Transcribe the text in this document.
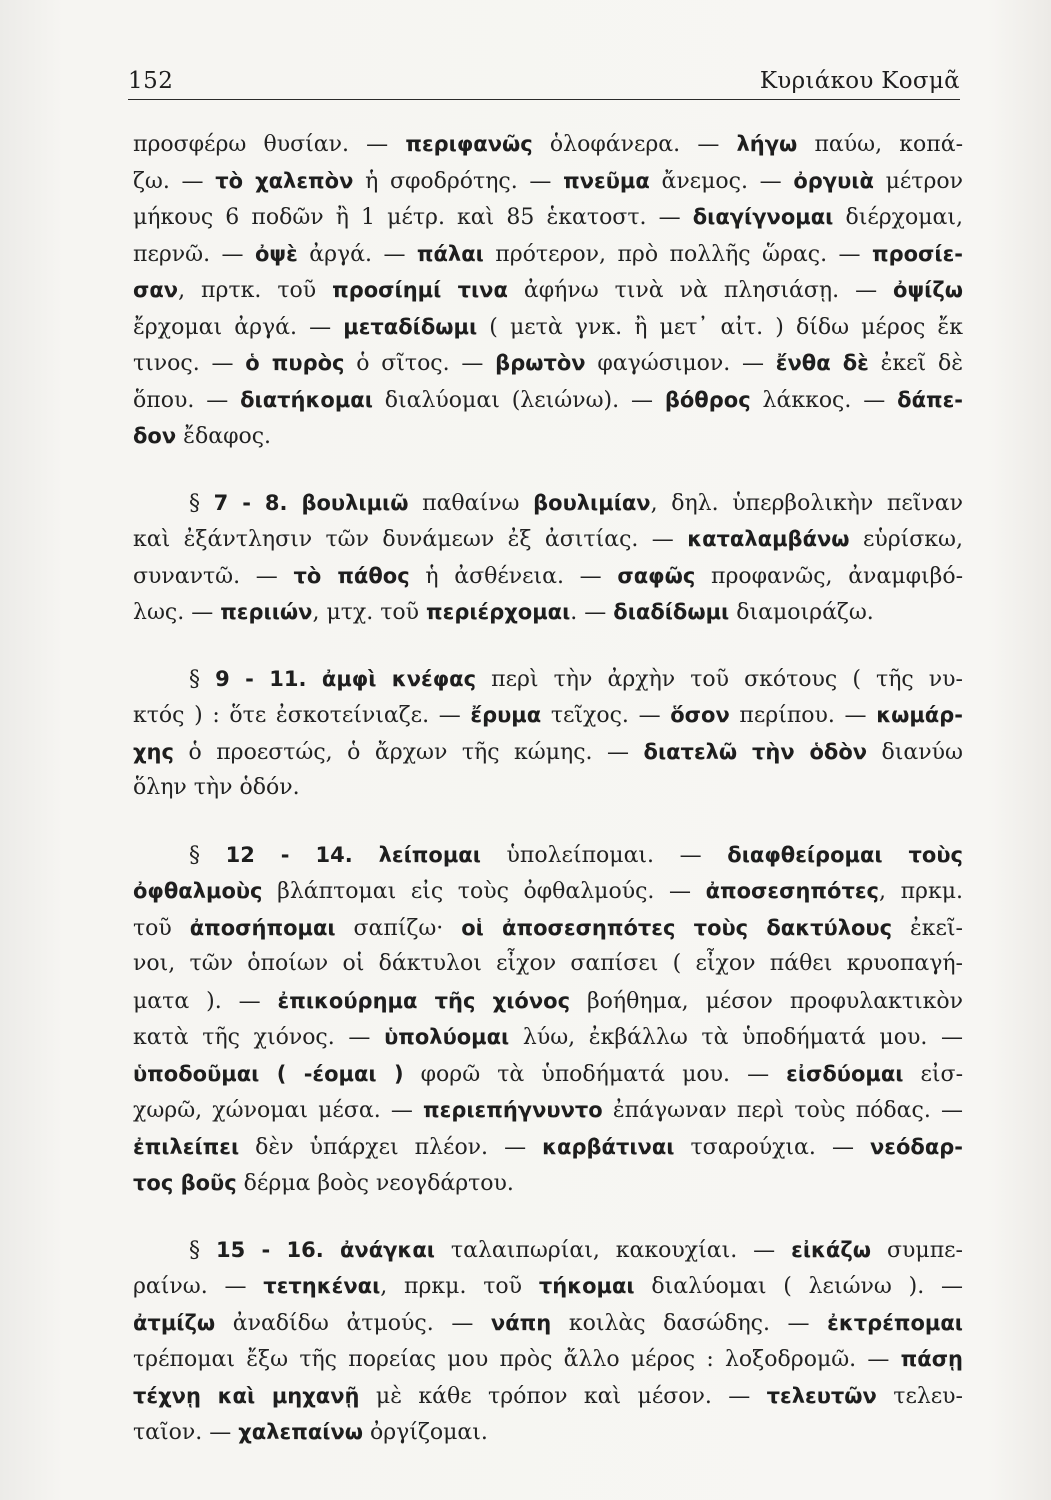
152	Κυριάκου Κοσμᾶ
προσφέρω θυσίαν. — περιφανῶς ὁλοφάνερα. — λήγω παύω, κοπά-
ζω. — τὸ χαλεπὸν ἡ σφοδρότης. — πνεῦμα ἄνεμος. — ὀργυιὰ μέτρον
μήκους 6 ποδῶν ἢ 1 μέτρ. καὶ 85 ἑκατοστ. — διαγίγνομαι διέρχομαι,
περνῶ. — ὀψὲ ἀργά. — πάλαι πρότερον, πρὸ πολλῆς ὥρας. — προσίε-
σαν, πρτκ. τοῦ προσίημί τινα ἀφήνω τινὰ νὰ πλησιάσῃ. — ὀψίζω
ἔρχομαι ἀργά. — μεταδίδωμι ( μετὰ γνκ. ἢ μετ᾽ αἰτ. ) δίδω μέρος ἔκ
τινος. — ὁ πυρὸς ὁ σῖτος. — βρωτὸν φαγώσιμον. — ἔνθα δὲ ἐκεῖ δὲ
ὅπου. — διατήκομαι διαλύομαι (λειώνω). — βόθρος λάκκος. — δάπε-
δον ἔδαφος.
§ 7 - 8. βουλιμιῶ παθαίνω βουλιμίαν, δηλ. ὑπερβολικὴν πεῖναν
καὶ ἐξάντλησιν τῶν δυνάμεων ἐξ ἀσιτίας. — καταλαμβάνω εὑρίσκω,
συναντῶ. — τὸ πάθος ἡ ἀσθένεια. — σαφῶς προφανῶς, ἀναμφιβό-
λως. — περιιών, μτχ. τοῦ περιέρχομαι. — διαδίδωμι διαμοιράζω.
§ 9 - 11. ἀμφὶ κνέφας περὶ τὴν ἀρχὴν τοῦ σκότους ( τῆς νυ-
κτός ) : ὅτε ἐσκοτείνιαζε. — ἔρυμα τεῖχος. — ὅσον περίπου. — κωμάρ-
χης ὁ προεστώς, ὁ ἄρχων τῆς κώμης. — διατελῶ τὴν ὁδὸν διανύω
ὅλην τὴν ὁδόν.
§ 12 - 14. λείπομαι ὑπολείπομαι. — διαφθείρομαι τοὺς
ὀφθαλμοὺς βλάπτομαι εἰς τοὺς ὀφθαλμούς. — ἀποσεσηπότες, πρκμ.
τοῦ ἀποσήπομαι σαπίζω· οἱ ἀποσεσηπότες τοὺς δακτύλους ἐκεῖ-
νοι, τῶν ὁποίων οἱ δάκτυλοι εἶχον σαπίσει ( εἶχον πάθει κρυοπαγή-
ματα ). — ἐπικούρημα τῆς χιόνος βοήθημα, μέσον προφυλακτικὸν
κατὰ τῆς χιόνος. — ὑπολύομαι λύω, ἐκβάλλω τὰ ὑποδήματά μου. —
ὑποδοῦμαι ( -έομαι ) φορῶ τὰ ὑποδήματά μου. — εἰσδύομαι εἰσ-
χωρῶ, χώνομαι μέσα. — περιεπήγνυντο ἐπάγωναν περὶ τοὺς πόδας. —
ἐπιλείπει δὲν ὑπάρχει πλέον. — καρβάτιναι τσαρούχια. — νεόδαρ-
τος βοῦς δέρμα βοὸς νεογδάρτου.
§ 15 - 16. ἀνάγκαι ταλαιπωρίαι, κακουχίαι. — εἰκάζω συμπε-
ραίνω. — τετηκέναι, πρκμ. τοῦ τήκομαι διαλύομαι ( λειώνω ). —
ἀτμίζω ἀναδίδω ἀτμούς. — νάπη κοιλὰς δασώδης. — ἐκτρέπομαι
τρέπομαι ἔξω τῆς πορείας μου πρὸς ἄλλο μέρος : λοξοδρομῶ. — πάσῃ
τέχνῃ καὶ μηχανῇ μὲ κάθε τρόπον καὶ μέσον. — τελευτῶν τελευ-
ταῖον. — χαλεπαίνω ὀργίζομαι.
